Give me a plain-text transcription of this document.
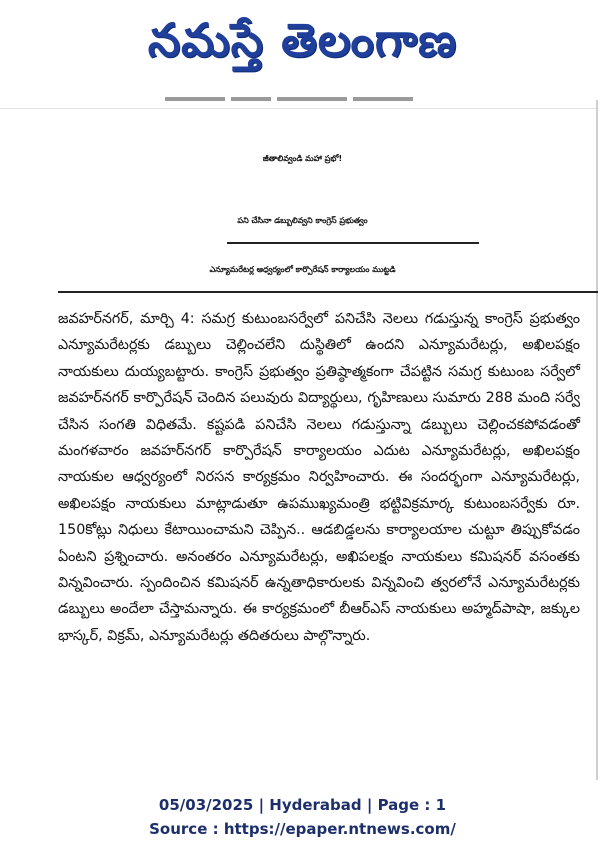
నమస్తే తెలంగాణ
జీతాలివ్వండి మహా ప్రభో!
పని చేసినా డబ్బులివ్వని కాంగ్రెస్ ప్రభుత్వం
ఎన్యూమరేటర్ల ఆధ్వర్యంలో కార్పొరేషన్ కార్యాలయం ముట్టడి

జవహర్‌నగర్, మార్చి 4: సమగ్ర కుటుంబసర్వేలో పనిచేసి నెలలు గడుస్తున్న కాంగ్రెస్ ప్రభుత్వం ఎన్యూమరేటర్లకు డబ్బులు చెల్లించలేని దుస్థితిలో ఉందని ఎన్యూమరేటర్లు, అఖిలపక్షం నాయకులు దుయ్యబట్టారు. కాంగ్రెస్ ప్రభుత్వం ప్రతిష్ఠాత్మకంగా చేపట్టిన సమగ్ర కుటుంబ సర్వేలో జవహర్‌నగర్ కార్పొరేషన్ చెందిన పలువురు విద్యార్థులు, గృహిణులు సుమారు 288 మంది సర్వే చేసిన సంగతి విధితమే. కష్టపడి పనిచేసి నెలలు గడుస్తున్నా డబ్బులు చెల్లించకపోవడంతో మంగళవారం జవహర్‌నగర్ కార్పొరేషన్ కార్యాలయం ఎదుట ఎన్యూమరేటర్లు, అఖిలపక్షం నాయకుల ఆధ్వర్యంలో నిరసన కార్యక్రమం నిర్వహించారు. ఈ సందర్భంగా ఎన్యూమరేటర్లు, అఖిలపక్షం నాయకులు మాట్లాడుతూ ఉపముఖ్యమంత్రి భట్టివిక్రమార్క కుటుంబసర్వేకు రూ. 150కోట్లు నిధులు కేటాయించామని చెప్పిన.. ఆడబిడ్డలను కార్యాలయాల చుట్టూ తిప్పుకోవడం ఏంటని ప్రశ్నించారు. అనంతరం ఎన్యూమరేటర్లు, అఖిపలక్షం నాయకులు కమిషనర్ వసంతకు విన్నవించారు. స్పందించిన కమిషనర్ ఉన్నతాధికారులకు విన్నవించి త్వరలోనే ఎన్యూమరేటర్లకు డబ్బులు అందేలా చేస్తామన్నారు. ఈ కార్యక్రమంలో బీఆర్‌ఎస్ నాయకులు అహ్మద్‌పాషా, జక్కుల భాస్కర్, విక్రమ్, ఎన్యూమరేటర్లు తదితరులు పాల్గొన్నారు.

05/03/2025 | Hyderabad | Page : 1
Source : https://epaper.ntnews.com/
